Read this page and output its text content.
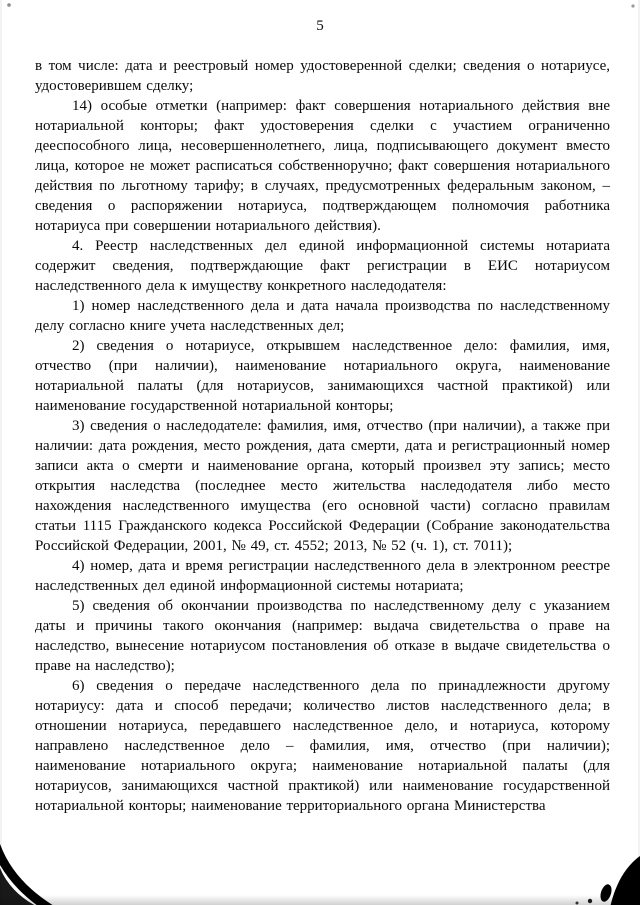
5

в том числе: дата и реестровый номер удостоверенной сделки; сведения о нотариусе, удостоверившем сделку;

14) особые отметки (например: факт совершения нотариального действия вне нотариальной конторы; факт удостоверения сделки с участием ограниченно дееспособного лица, несовершеннолетнего, лица, подписывающего документ вместо лица, которое не может расписаться собственноручно; факт совершения нотариального действия по льготному тарифу; в случаях, предусмотренных федеральным законом, – сведения о распоряжении нотариуса, подтверждающем полномочия работника нотариуса при совершении нотариального действия).

4. Реестр наследственных дел единой информационной системы нотариата содержит сведения, подтверждающие факт регистрации в ЕИС нотариусом наследственного дела к имуществу конкретного наследодателя:

1) номер наследственного дела и дата начала производства по наследственному делу согласно книге учета наследственных дел;

2) сведения о нотариусе, открывшем наследственное дело: фамилия, имя, отчество (при наличии), наименование нотариального округа, наименование нотариальной палаты (для нотариусов, занимающихся частной практикой) или наименование государственной нотариальной конторы;

3) сведения о наследодателе: фамилия, имя, отчество (при наличии), а также при наличии: дата рождения, место рождения, дата смерти, дата и регистрационный номер записи акта о смерти и наименование органа, который произвел эту запись; место открытия наследства (последнее место жительства наследодателя либо место нахождения наследственного имущества (его основной части) согласно правилам статьи 1115 Гражданского кодекса Российской Федерации (Собрание законодательства Российской Федерации, 2001, № 49, ст. 4552; 2013, № 52 (ч. 1), ст. 7011);

4) номер, дата и время регистрации наследственного дела в электронном реестре наследственных дел единой информационной системы нотариата;

5) сведения об окончании производства по наследственному делу с указанием даты и причины такого окончания (например: выдача свидетельства о праве на наследство, вынесение нотариусом постановления об отказе в выдаче свидетельства о праве на наследство);

6) сведения о передаче наследственного дела по принадлежности другому нотариусу: дата и способ передачи; количество листов наследственного дела; в отношении нотариуса, передавшего наследственное дело, и нотариуса, которому направлено наследственное дело – фамилия, имя, отчество (при наличии); наименование нотариального округа; наименование нотариальной палаты (для нотариусов, занимающихся частной практикой) или наименование государственной нотариальной конторы; наименование территориального органа Министерства
